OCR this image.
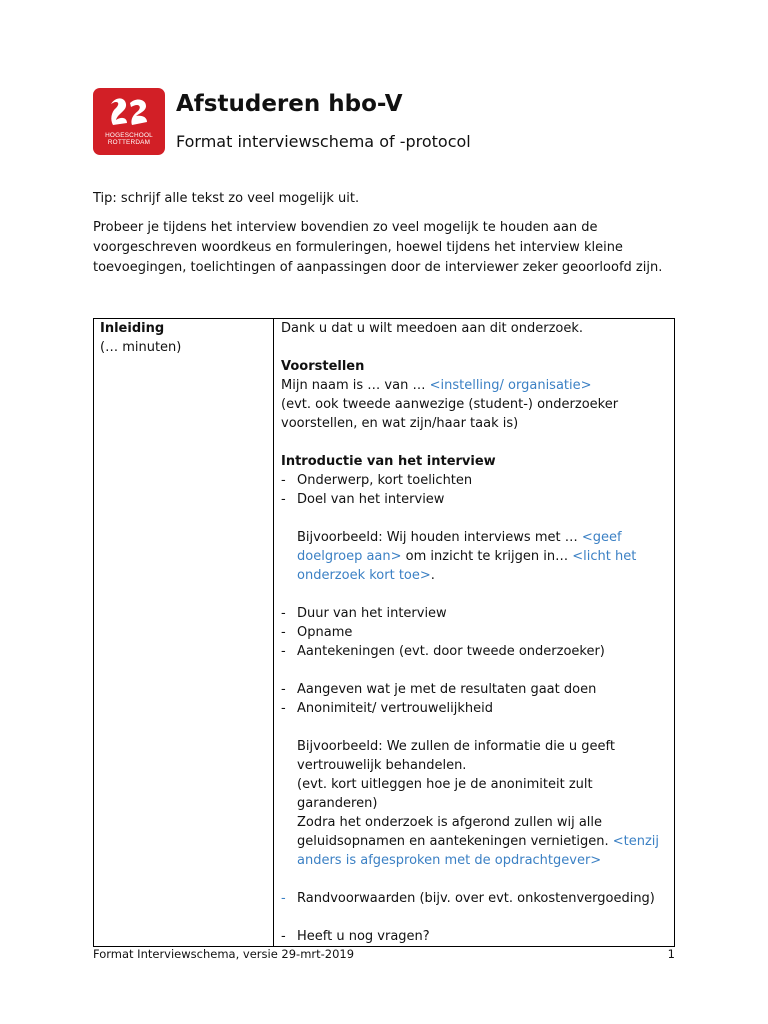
HOGESCHOOL
ROTTERDAM
Afstuderen hbo-V
Format interviewschema of -protocol
Tip: schrijf alle tekst zo veel mogelijk uit.
Probeer je tijdens het interview bovendien zo veel mogelijk te houden aan de voorgeschreven woordkeus en formuleringen, hoewel tijdens het interview kleine toevoegingen, toelichtingen of aanpassingen door de interviewer zeker geoorloofd zijn.
Inleiding
(… minuten)

Dank u dat u wilt meedoen aan dit onderzoek.
Voorstellen
Mijn naam is … van … <instelling/ organisatie>
(evt. ook tweede aanwezige (student-) onderzoeker voorstellen, en wat zijn/haar taak is)
Introductie van het interview
- Onderwerp, kort toelichten
- Doel van het interview
Bijvoorbeeld: Wij houden interviews met … <geef doelgroep aan> om inzicht te krijgen in… <licht het onderzoek kort toe>.
- Duur van het interview
- Opname
- Aantekeningen (evt. door tweede onderzoeker)
- Aangeven wat je met de resultaten gaat doen
- Anonimiteit/ vertrouwelijkheid
Bijvoorbeeld: We zullen de informatie die u geeft vertrouwelijk behandelen.
(evt. kort uitleggen hoe je de anonimiteit zult garanderen)
Zodra het onderzoek is afgerond zullen wij alle geluidsopnamen en aantekeningen vernietigen. <tenzij anders is afgesproken met de opdrachtgever>
- Randvoorwaarden (bijv. over evt. onkostenvergoeding)
- Heeft u nog vragen?
Format Interviewschema, versie 29-mrt-2019	1
